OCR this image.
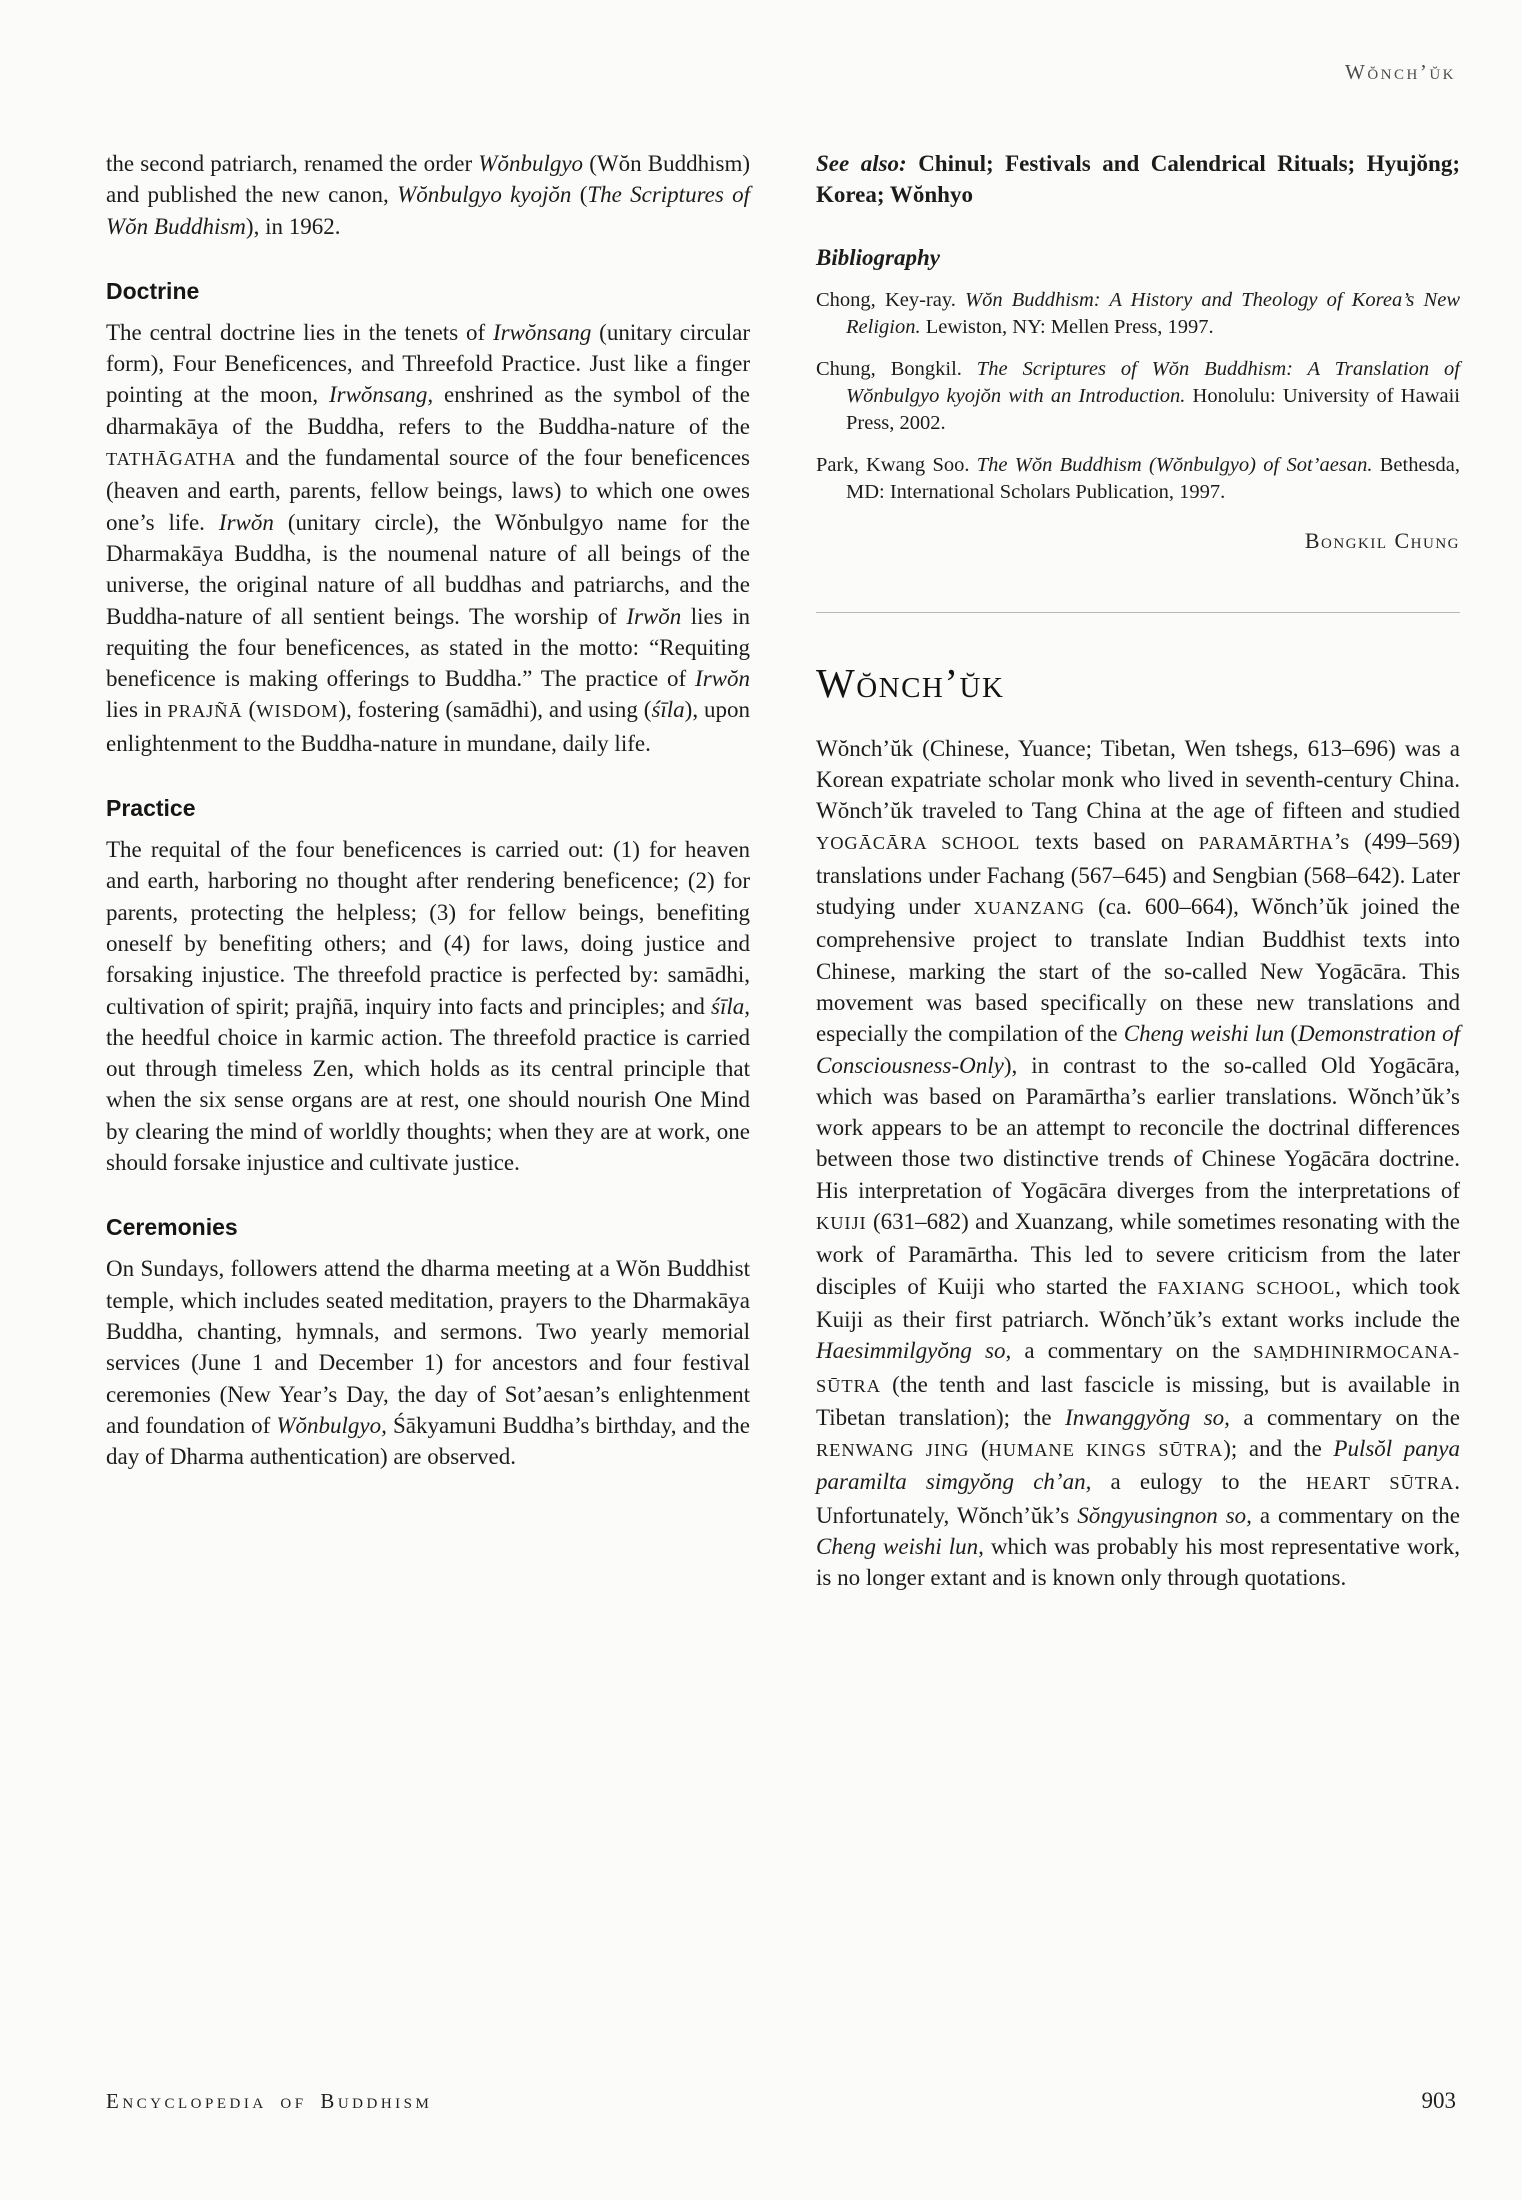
Wŏnch’ŭk

the second patriarch, renamed the order Wŏnbulgyo (Wŏn Buddhism) and published the new canon, Wŏnbulgyo kyojŏn (The Scriptures of Wŏn Buddhism), in 1962.

Doctrine

The central doctrine lies in the tenets of Irwŏnsang (unitary circular form), Four Beneficences, and Threefold Practice. Just like a finger pointing at the moon, Irwŏnsang, enshrined as the symbol of the dharmakāya of the Buddha, refers to the Buddha-nature of the TATHĀGATHA and the fundamental source of the four beneficences (heaven and earth, parents, fellow beings, laws) to which one owes one’s life. Irwŏn (unitary circle), the Wŏnbulgyo name for the Dharmakāya Buddha, is the noumenal nature of all beings of the universe, the original nature of all buddhas and patriarchs, and the Buddha-nature of all sentient beings. The worship of Irwŏn lies in requiting the four beneficences, as stated in the motto: “Requiting beneficence is making offerings to Buddha.” The practice of Irwŏn lies in PRAJÑĀ (WISDOM), fostering (samādhi), and using (śīla), upon enlightenment to the Buddha-nature in mundane, daily life.

Practice

The requital of the four beneficences is carried out: (1) for heaven and earth, harboring no thought after rendering beneficence; (2) for parents, protecting the helpless; (3) for fellow beings, benefiting oneself by benefiting others; and (4) for laws, doing justice and forsaking injustice. The threefold practice is perfected by: samādhi, cultivation of spirit; prajñā, inquiry into facts and principles; and śīla, the heedful choice in karmic action. The threefold practice is carried out through timeless Zen, which holds as its central principle that when the six sense organs are at rest, one should nourish One Mind by clearing the mind of worldly thoughts; when they are at work, one should forsake injustice and cultivate justice.

Ceremonies

On Sundays, followers attend the dharma meeting at a Wŏn Buddhist temple, which includes seated meditation, prayers to the Dharmakāya Buddha, chanting, hymnals, and sermons. Two yearly memorial services (June 1 and December 1) for ancestors and four festival ceremonies (New Year’s Day, the day of Sot’aesan’s enlightenment and foundation of Wŏnbulgyo, Śākyamuni Buddha’s birthday, and the day of Dharma authentication) are observed.

See also: Chinul; Festivals and Calendrical Rituals; Hyujŏng; Korea; Wŏnhyo

Bibliography

Chong, Key-ray. Wŏn Buddhism: A History and Theology of Korea’s New Religion. Lewiston, NY: Mellen Press, 1997.

Chung, Bongkil. The Scriptures of Wŏn Buddhism: A Translation of Wŏnbulgyo kyojŏn with an Introduction. Honolulu: University of Hawaii Press, 2002.

Park, Kwang Soo. The Wŏn Buddhism (Wŏnbulgyo) of Sot’aesan. Bethesda, MD: International Scholars Publication, 1997.

Bongkil Chung
Wŏnch’ŭk

Wŏnch’ŭk (Chinese, Yuance; Tibetan, Wen tshegs, 613–696) was a Korean expatriate scholar monk who lived in seventh-century China. Wŏnch’ŭk traveled to Tang China at the age of fifteen and studied YOGĀCĀRA SCHOOL texts based on PARAMĀRTHA’s (499–569) translations under Fachang (567–645) and Sengbian (568–642). Later studying under XUANZANG (ca. 600–664), Wŏnch’ŭk joined the comprehensive project to translate Indian Buddhist texts into Chinese, marking the start of the so-called New Yogācāra. This movement was based specifically on these new translations and especially the compilation of the Cheng weishi lun (Demonstration of Consciousness-Only), in contrast to the so-called Old Yogācāra, which was based on Paramārtha’s earlier translations. Wŏnch’ŭk’s work appears to be an attempt to reconcile the doctrinal differences between those two distinctive trends of Chinese Yogācāra doctrine. His interpretation of Yogācāra diverges from the interpretations of KUIJI (631–682) and Xuanzang, while sometimes resonating with the work of Paramārtha. This led to severe criticism from the later disciples of Kuiji who started the FAXIANG SCHOOL, which took Kuiji as their first patriarch. Wŏnch’ŭk’s extant works include the Haesimmilgyŏng so, a commentary on the SAṂDHINIRMOCANA-SŪTRA (the tenth and last fascicle is missing, but is available in Tibetan translation); the Inwanggyŏng so, a commentary on the RENWANG JING (HUMANE KINGS SŪTRA); and the Pulsŏl panya paramilta simgyŏng ch’an, a eulogy to the HEART SŪTRA. Unfortunately, Wŏnch’ŭk’s Sŏngyusingnon so, a commentary on the Cheng weishi lun, which was probably his most representative work, is no longer extant and is known only through quotations.

Encyclopedia of Buddhism	903
